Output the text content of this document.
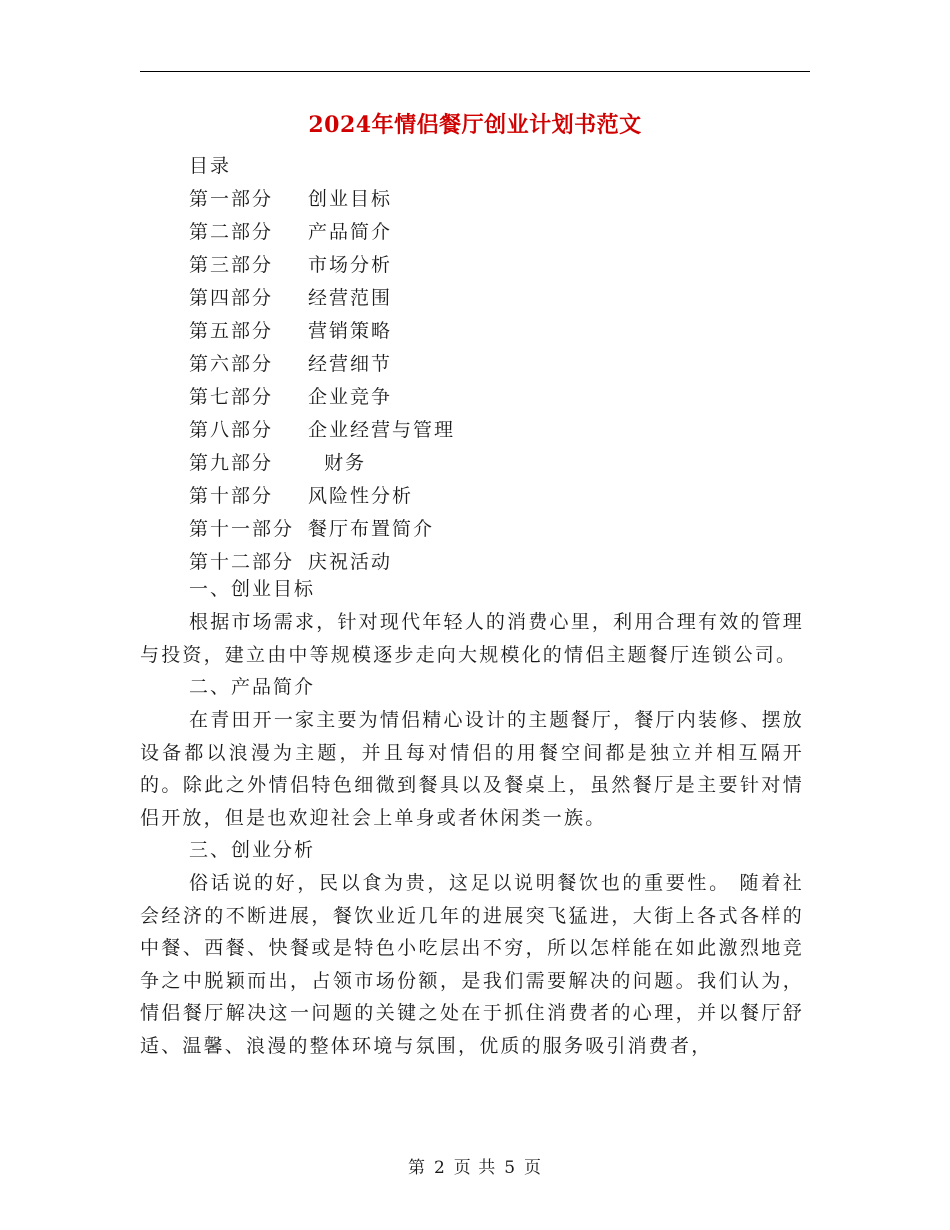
2024年情侣餐厅创业计划书范文
目录
第一部分	创业目标
第二部分	产品简介
第三部分	市场分析
第四部分	经营范围
第五部分	营销策略
第六部分	经营细节
第七部分	企业竞争
第八部分	企业经营与管理
第九部分	财务
第十部分	风险性分析
第十一部分 餐厅布置简介
第十二部分 庆祝活动

一、创业目标

根据市场需求，针对现代年轻人的消费心里，利用合理有效的管理与投资，建立由中等规模逐步走向大规模化的情侣主题餐厅连锁公司。

二、产品简介

在青田开一家主要为情侣精心设计的主题餐厅，餐厅内装修、摆放设备都以浪漫为主题，并且每对情侣的用餐空间都是独立并相互隔开的。除此之外情侣特色细微到餐具以及餐桌上，虽然餐厅是主要针对情侣开放，但是也欢迎社会上单身或者休闲类一族。

三、创业分析

俗话说的好，民以食为贵，这足以说明餐饮也的重要性。 随着社会经济的不断进展，餐饮业近几年的进展突飞猛进，大街上各式各样的中餐、西餐、快餐或是特色小吃层出不穷，所以怎样能在如此激烈地竞争之中脱颖而出，占领市场份额，是我们需要解决的问题。我们认为，情侣餐厅解决这一问题的关键之处在于抓住消费者的心理，并以餐厅舒适、温馨、浪漫的整体环境与氛围，优质的服务吸引消费者，

第 2 页 共 5 页
